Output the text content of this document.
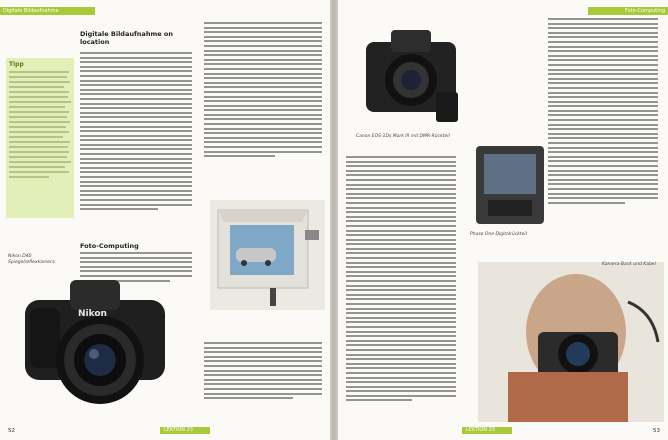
Digitale Bildaufnahme
Tipp
Digitale Bildaufnahme on location
Foto-Computing
Nikon D40 Spiegelreflexkamera
Nikon
52	LEKTION 23
Foto-Computing
Canon EOS-1Ds Mark III mit DMR-Rückteil
Phase One Digitalrückteil
Kamera-Back und Kabel
LEKTION 23	53
